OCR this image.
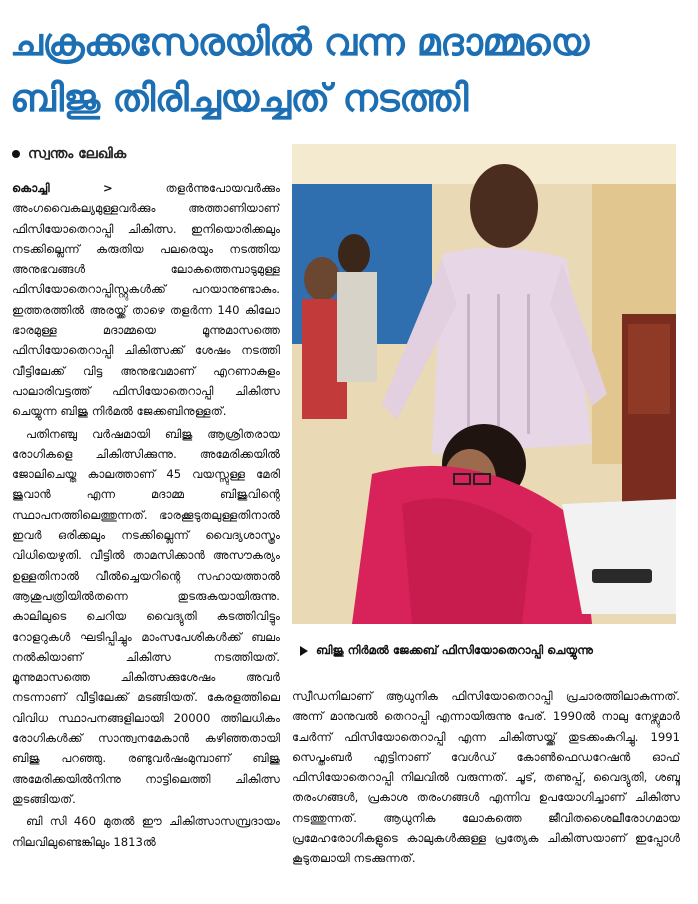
ചക്രക്കസേരയിൽ വന്ന മദാമ്മയെ
ബിജു തിരിച്ചയച്ചത് നടത്തി
സ്വന്തം ലേഖിക

കൊച്ചി >	തളർന്നുപോയവർക്കും അംഗവൈകല്യമുള്ളവർക്കും അത്താണിയാണ് ഫിസിയോതെറാപ്പി ചികിത്സ. ഇനിയൊരിക്കലും നടക്കില്ലെന്ന് കരുതിയ പലരെയും നടത്തിയ അനുഭവങ്ങൾ ലോകത്തെമ്പാടുമുള്ള ഫിസിയോതെറാപ്പിസ്റ്റുകൾക്ക് പറയാനുണ്ടാകും. ഇത്തരത്തിൽ അരയ്ക്ക് താഴെ തളർന്ന 140 കിലോ ഭാരമുള്ള മദാമ്മയെ മൂന്നുമാസത്തെ ഫിസിയോതെറാപ്പി ചികിത്സക്ക് ശേഷം നടത്തി വീട്ടിലേക്ക് വിട്ട അനുഭവമാണ് എറണാകുളം പാലാരിവട്ടത്ത് ഫിസിയോതെറാപ്പി ചികിത്സ ചെയ്യുന്ന ബിജു നിർമൽ ജേക്കബിനുള്ളത്.

പതിനഞ്ചു വർഷമായി ബിജു ആശ്രിതരായ രോഗികളെ ചികിത്സിക്കുന്നു. അമേരിക്കയിൽ ജോലിചെയ്ത കാലത്താണ് 45 വയസ്സുള്ള മേരി ജുവാൻ എന്ന മദാമ്മ ബിജുവിന്റെ സ്ഥാപനത്തിലെത്തുന്നത്. ഭാരക്കൂടുതലുള്ളതിനാൽ ഇവർ ഒരിക്കലും നടക്കില്ലെന്ന് വൈദ്യശാസ്ത്രം വിധിയെഴുതി. വീട്ടിൽ താമസിക്കാൻ അസൗകര്യം ഉള്ളതിനാൽ വീൽച്ചെയറിന്റെ സഹായത്താൽ ആശുപത്രിയിൽതന്നെ തുടരുകയായിരുന്നു. കാലിലുടെ ചെറിയ വൈദ്യുതി കടത്തിവിട്ടും റോളറുകൾ ഘടിപ്പിച്ചും മാംസപേശികൾക്ക് ബലം നൽകിയാണ് ചികിത്സ നടത്തിയത്. മൂന്നുമാസത്തെ ചികിത്സക്കുശേഷം അവർ നടന്നാണ് വീട്ടിലേക്ക് മടങ്ങിയത്. കേരളത്തിലെ വിവിധ സ്ഥാപനങ്ങളിലായി 20000 ത്തിലധികം രോഗികൾക്ക് സാന്ത്വനമേകാൻ കഴിഞ്ഞതായി ബിജു പറഞ്ഞു. രണ്ടുവർഷംമുമ്പാണ് ബിജു അമേരിക്കയിൽനിന്നു നാട്ടിലെത്തി ചികിത്സ തുടങ്ങിയത്.

ബി സി 460 മുതൽ ഈ ചികിത്സാസമ്പ്രദായം നിലവിലുണ്ടെങ്കിലും 1813ൽ

ബിജു നിർമൽ ജേക്കബ് ഫിസിയോതെറാപ്പി ചെയ്യുന്നു

സ്വീഡനിലാണ് ആധുനിക ഫിസിയോതെറാപ്പി പ്രചാരത്തിലാകുന്നത്. അന്ന് മാനുവൽ തെറാപ്പി എന്നായിരുന്നു പേര്. 1990ൽ നാലു നേഴ്സുമാർ ചേർന്ന് ഫിസിയോതെറാപ്പി എന്ന ചികിത്സയ്ക്ക് തുടക്കംകുറിച്ചു. 1991 സെപ്തംബർ എട്ടിനാണ് വേൾഡ് കോൺഫെഡറേഷൻ ഓഫ് ഫിസിയോതെറാപ്പി നിലവിൽ വരുന്നത്. ചൂട്, തണുപ്പ്, വൈദ്യുതി, ശബ്ദ തരംഗങ്ങൾ, പ്രകാശ തരംഗങ്ങൾ എന്നിവ ഉപയോഗിച്ചാണ് ചികിത്സ നടത്തുന്നത്. ആധുനിക ലോകത്തെ ജീവിതശൈലീരോഗമായ പ്രമേഹരോഗികളുടെ കാലുകൾക്കുള്ള പ്രത്യേക ചികിത്സയാണ് ഇപ്പോൾ കൂടുതലായി നടക്കുന്നത്.
